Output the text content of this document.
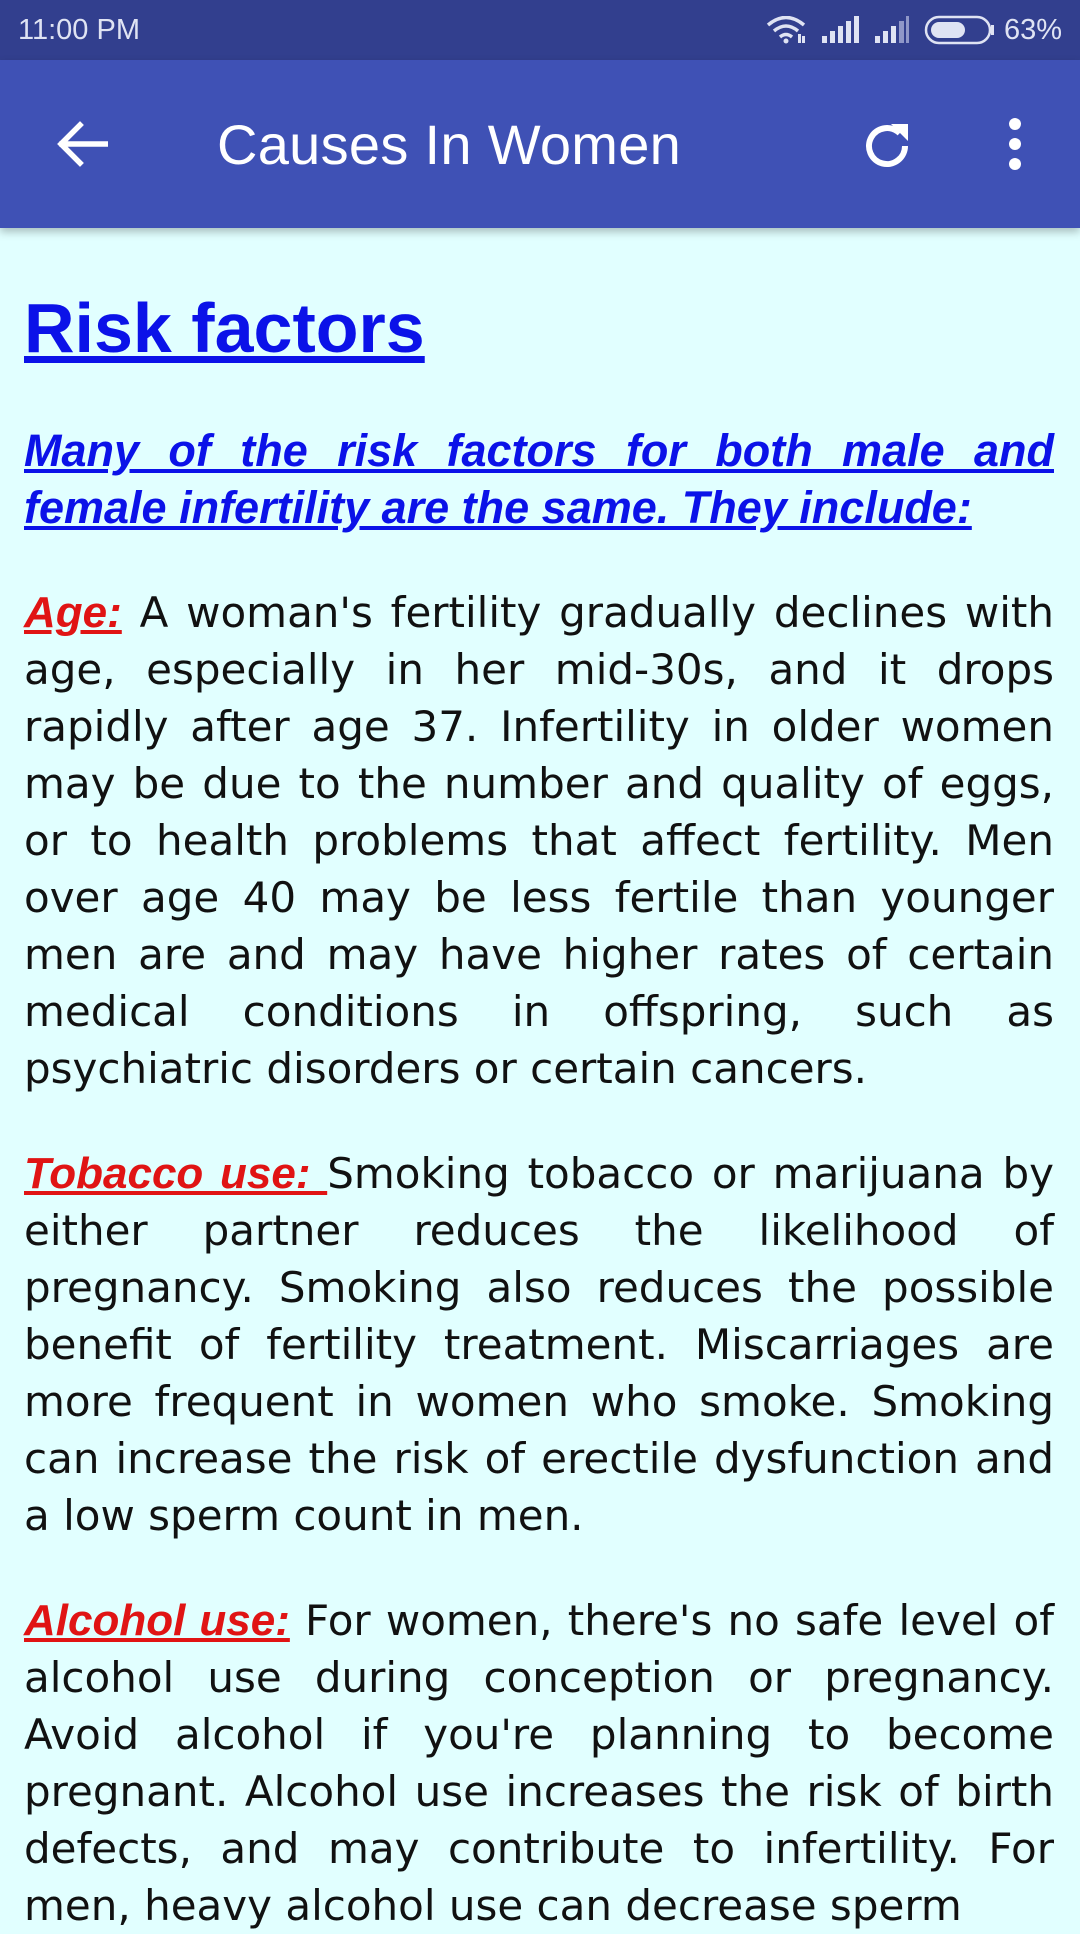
11:00 PM	63%
Causes In Women
Risk factors

Many of the risk factors for both male and female infertility are the same. They include:

Age: A woman's fertility gradually declines with age, especially in her mid-30s, and it drops rapidly after age 37. Infertility in older women may be due to the number and quality of eggs, or to health problems that affect fertility. Men over age 40 may be less fertile than younger men are and may have higher rates of certain medical conditions in offspring, such as psychiatric disorders or certain cancers.

Tobacco use: Smoking tobacco or marijuana by either partner reduces the likelihood of pregnancy. Smoking also reduces the possible benefit of fertility treatment. Miscarriages are more frequent in women who smoke. Smoking can increase the risk of erectile dysfunction and a low sperm count in men.

Alcohol use: For women, there's no safe level of alcohol use during conception or pregnancy. Avoid alcohol if you're planning to become pregnant. Alcohol use increases the risk of birth defects, and may contribute to infertility. For men, heavy alcohol use can decrease sperm
